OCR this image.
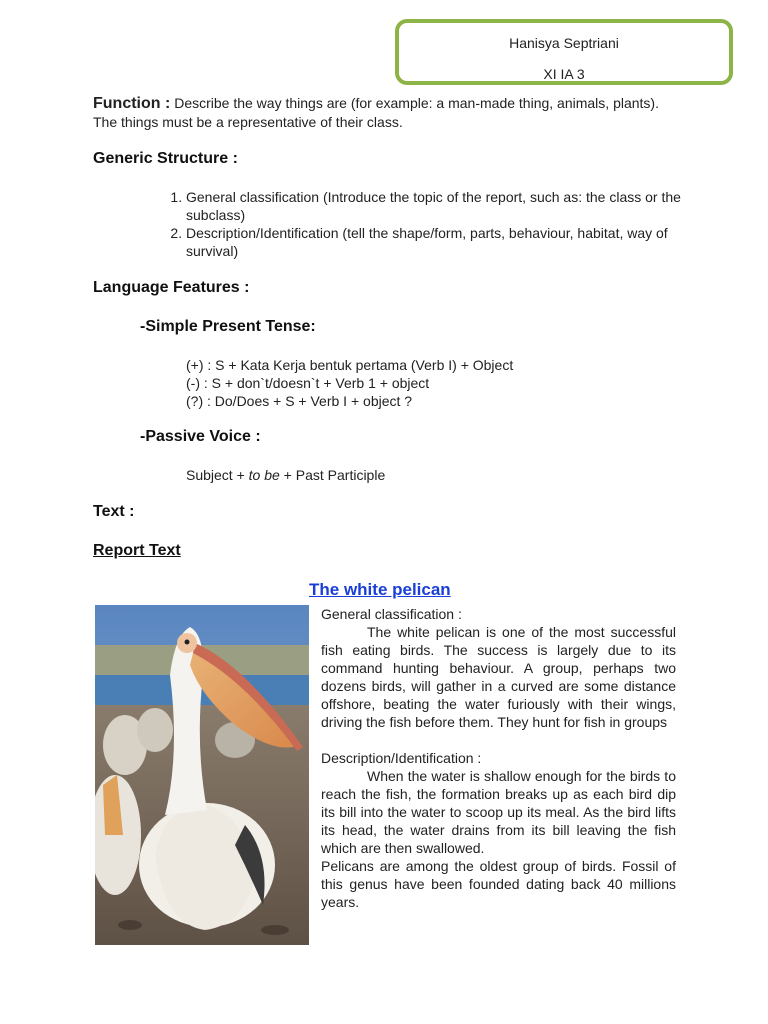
Hanisya Septriani
XI IA 3
Function : Describe the way things are (for example: a man-made thing, animals, plants). The things must be a representative of their class.
Generic Structure :
1. General classification (Introduce the topic of the report, such as: the class or the subclass)
2. Description/Identification (tell the shape/form, parts, behaviour, habitat, way of survival)
Language Features :
-Simple Present Tense:
(+) : S + Kata Kerja bentuk pertama (Verb I) + Object
(-) : S + don`t/doesn`t + Verb 1 + object
(?) : Do/Does + S + Verb I + object ?
-Passive Voice :
Subject + to be + Past Participle
Text :
Report Text
The white pelican

General classification :

The white pelican is one of the most successful fish eating birds. The success is largely due to its command hunting behaviour. A group, perhaps two dozens birds, will gather in a curved are some distance offshore, beating the water furiously with their wings, driving the fish before them. They hunt for fish in groups

Description/Identification :

When the water is shallow enough for the birds to reach the fish, the formation breaks up as each bird dip its bill into the water to scoop up its meal. As the bird lifts its head, the water drains from its bill leaving the fish which are then swallowed.

Pelicans are among the oldest group of birds. Fossil of this genus have been founded dating back 40 millions years.
